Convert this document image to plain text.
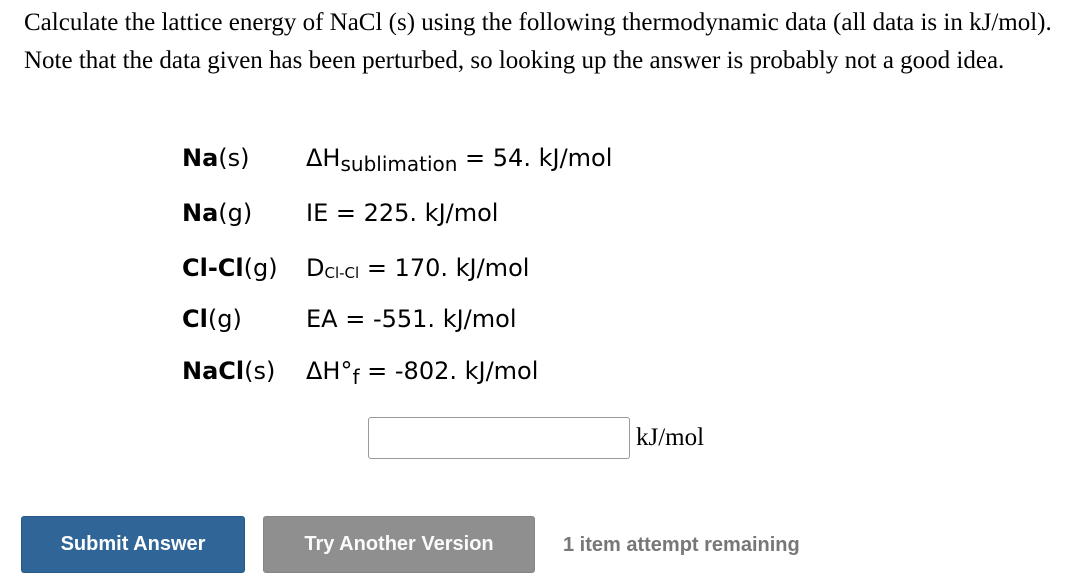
Calculate the lattice energy of NaCl (s) using the following thermodynamic data (all data is in kJ/mol). Note that the data given has been perturbed, so looking up the answer is probably not a good idea.

Na(s) $\Delta H_{sublimation} = 54$. kJ/mol
Na(g) IE = 225. kJ/mol
Cl-Cl(g) DCl-Cl = 170. kJ/mol
Cl(g)	EA = -551. kJ/mol
NaCl(s) $\Delta H^\circ_f = -802$. kJ/mol
kJ/mol
Submit Answer	Try Another Version	1 item attempt remaining
